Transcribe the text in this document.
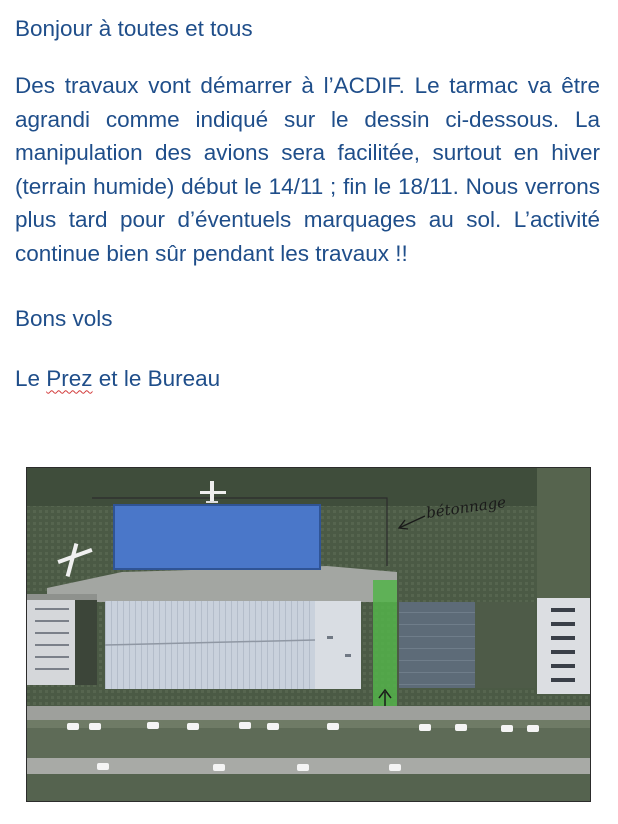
Bonjour à toutes et tous

Des travaux vont démarrer à l’ACDIF. Le tarmac va être agrandi comme indiqué sur le dessin ci-dessous. La manipulation des avions sera facilitée, surtout en hiver (terrain humide) début le 14/11 ; fin le 18/11. Nous verrons plus tard pour d’éventuels marquages au sol. L’activité continue bien sûr pendant les travaux !!

Bons vols

Le Prez et le Bureau

bétonnage
